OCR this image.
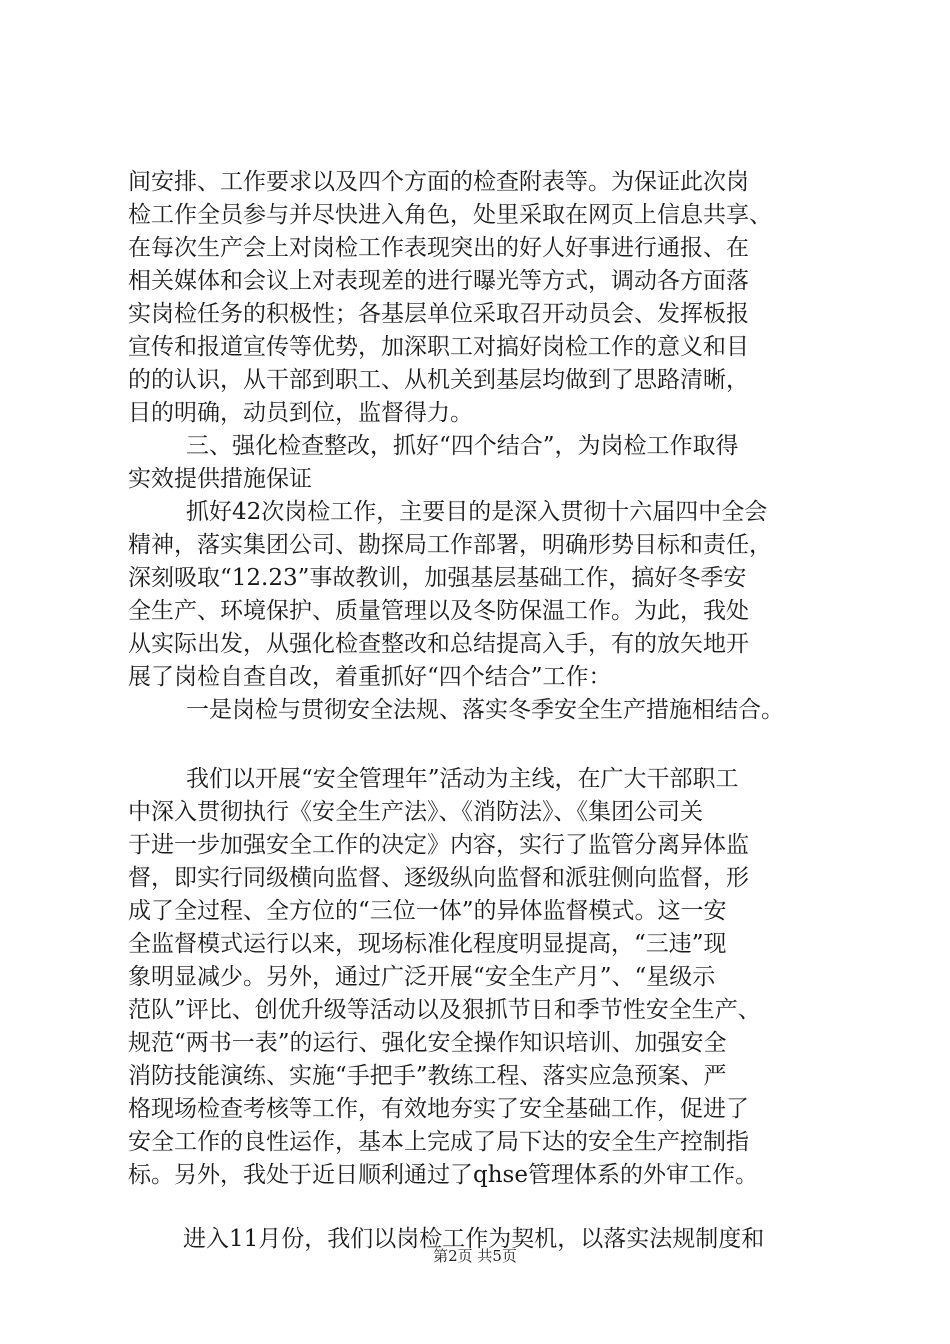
间安排、工作要求以及四个方面的检查附表等。为保证此次岗
检工作全员参与并尽快进入角色，处里采取在网页上信息共享、
在每次生产会上对岗检工作表现突出的好人好事进行通报、在
相关媒体和会议上对表现差的进行曝光等方式，调动各方面落
实岗检任务的积极性；各基层单位采取召开动员会、发挥板报
宣传和报道宣传等优势，加深职工对搞好岗检工作的意义和目
的的认识，从干部到职工、从机关到基层均做到了思路清晰，
目的明确，动员到位，监督得力。
三、强化检查整改，抓好“四个结合”，为岗检工作取得
实效提供措施保证
抓好42次岗检工作，主要目的是深入贯彻十六届四中全会
精神，落实集团公司、勘探局工作部署，明确形势目标和责任，
深刻吸取“12.23”事故教训，加强基层基础工作，搞好冬季安
全生产、环境保护、质量管理以及冬防保温工作。为此，我处
从实际出发，从强化检查整改和总结提高入手，有的放矢地开
展了岗检自查自改，着重抓好“四个结合”工作：
一是岗检与贯彻安全法规、落实冬季安全生产措施相结合。
我们以开展“安全管理年”活动为主线，在广大干部职工
中深入贯彻执行《安全生产法》、《消防法》、《集团公司关
于进一步加强安全工作的决定》内容，实行了监管分离异体监
督，即实行同级横向监督、逐级纵向监督和派驻侧向监督，形
成了全过程、全方位的“三位一体”的异体监督模式。这一安
全监督模式运行以来，现场标准化程度明显提高，“三违”现
象明显减少。另外，通过广泛开展“安全生产月”、“星级示
范队”评比、创优升级等活动以及狠抓节日和季节性安全生产、
规范“两书一表”的运行、强化安全操作知识培训、加强安全
消防技能演练、实施“手把手”教练工程、落实应急预案、严
格现场检查考核等工作，有效地夯实了安全基础工作，促进了
安全工作的良性运作，基本上完成了局下达的安全生产控制指
标。另外，我处于近日顺利通过了qhse管理体系的外审工作。
进入11月份，我们以岗检工作为契机，以落实法规制度和
第2页 共5页
